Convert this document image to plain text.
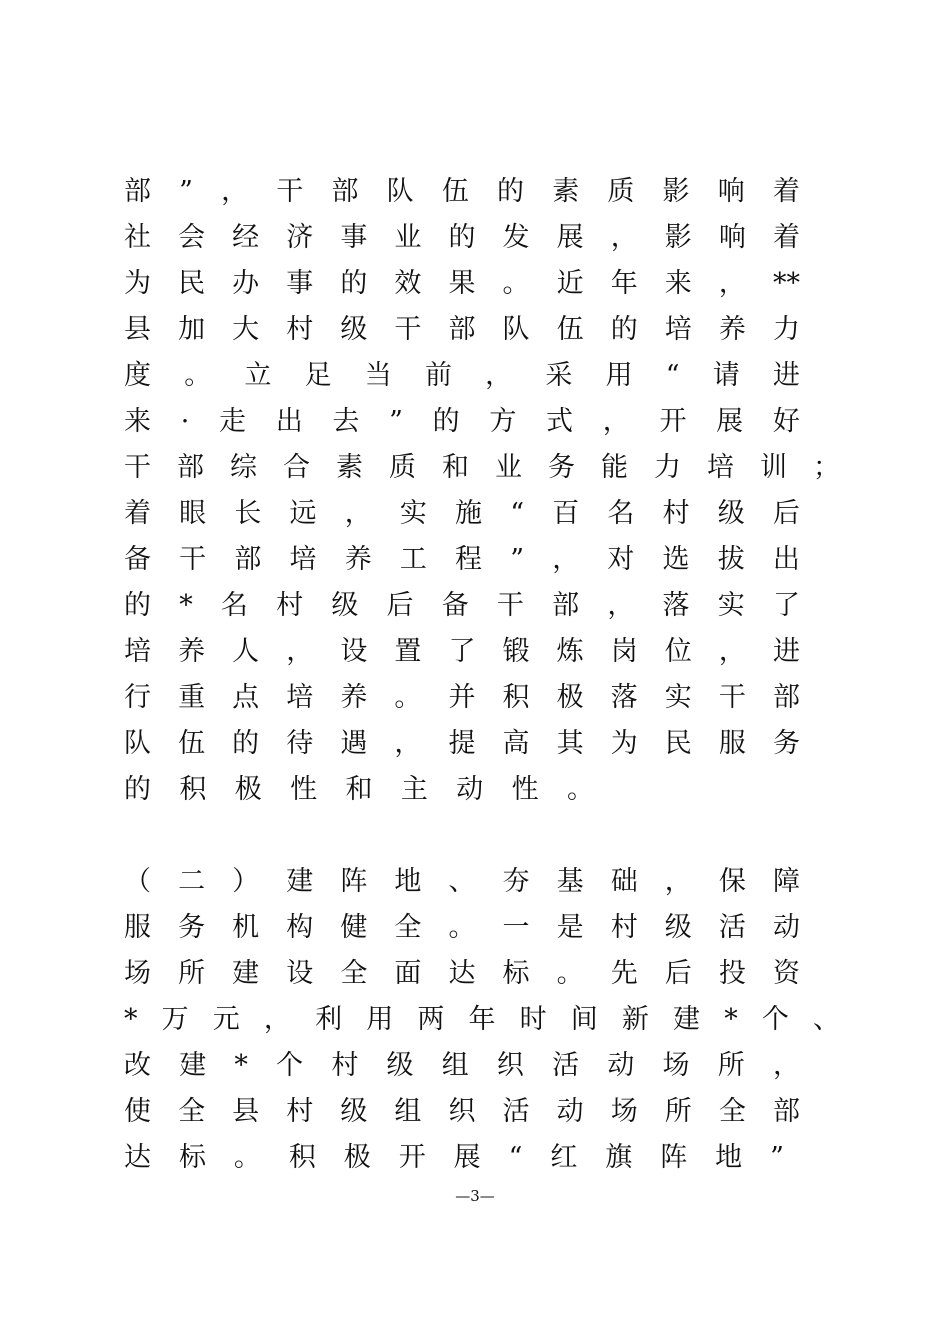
部 ” ， 干 部 队 伍 的 素 质 影 响 着
社 会 经 济 事 业 的 发 展 ， 影 响 着
为 民 办 事 的 效 果 。 近 年 来 ， **
县 加 大 村 级 干 部 队 伍 的 培 养 力
度 。 立 足 当 前 ， 采 用 “ 请 进
来 · 走 出 去 ” 的 方 式 ， 开 展 好
干 部 综 合 素 质 和 业 务 能 力 培 训 ；
着 眼 长 远 ， 实 施 “ 百 名 村 级 后
备 干 部 培 养 工 程 ” ， 对 选 拔 出
的 * 名 村 级 后 备 干 部 ， 落 实 了
培 养 人 ， 设 置 了 锻 炼 岗 位 ， 进
行 重 点 培 养 。 并 积 极 落 实 干 部
队 伍 的 待 遇 ， 提 高 其 为 民 服 务
的 积 极 性 和 主 动 性 。
（ 二 ） 建 阵 地 、 夯 基 础 ， 保 障
服 务 机 构 健 全 。 一 是 村 级 活 动
场 所 建 设 全 面 达 标 。 先 后 投 资
* 万 元 ， 利 用 两 年 时 间 新 建 * 个 、
改 建 * 个 村 级 组 织 活 动 场 所 ，
使 全 县 村 级 组 织 活 动 场 所 全 部
达 标 。 积 极 开 展 “ 红 旗 阵 地 ”
—3—
